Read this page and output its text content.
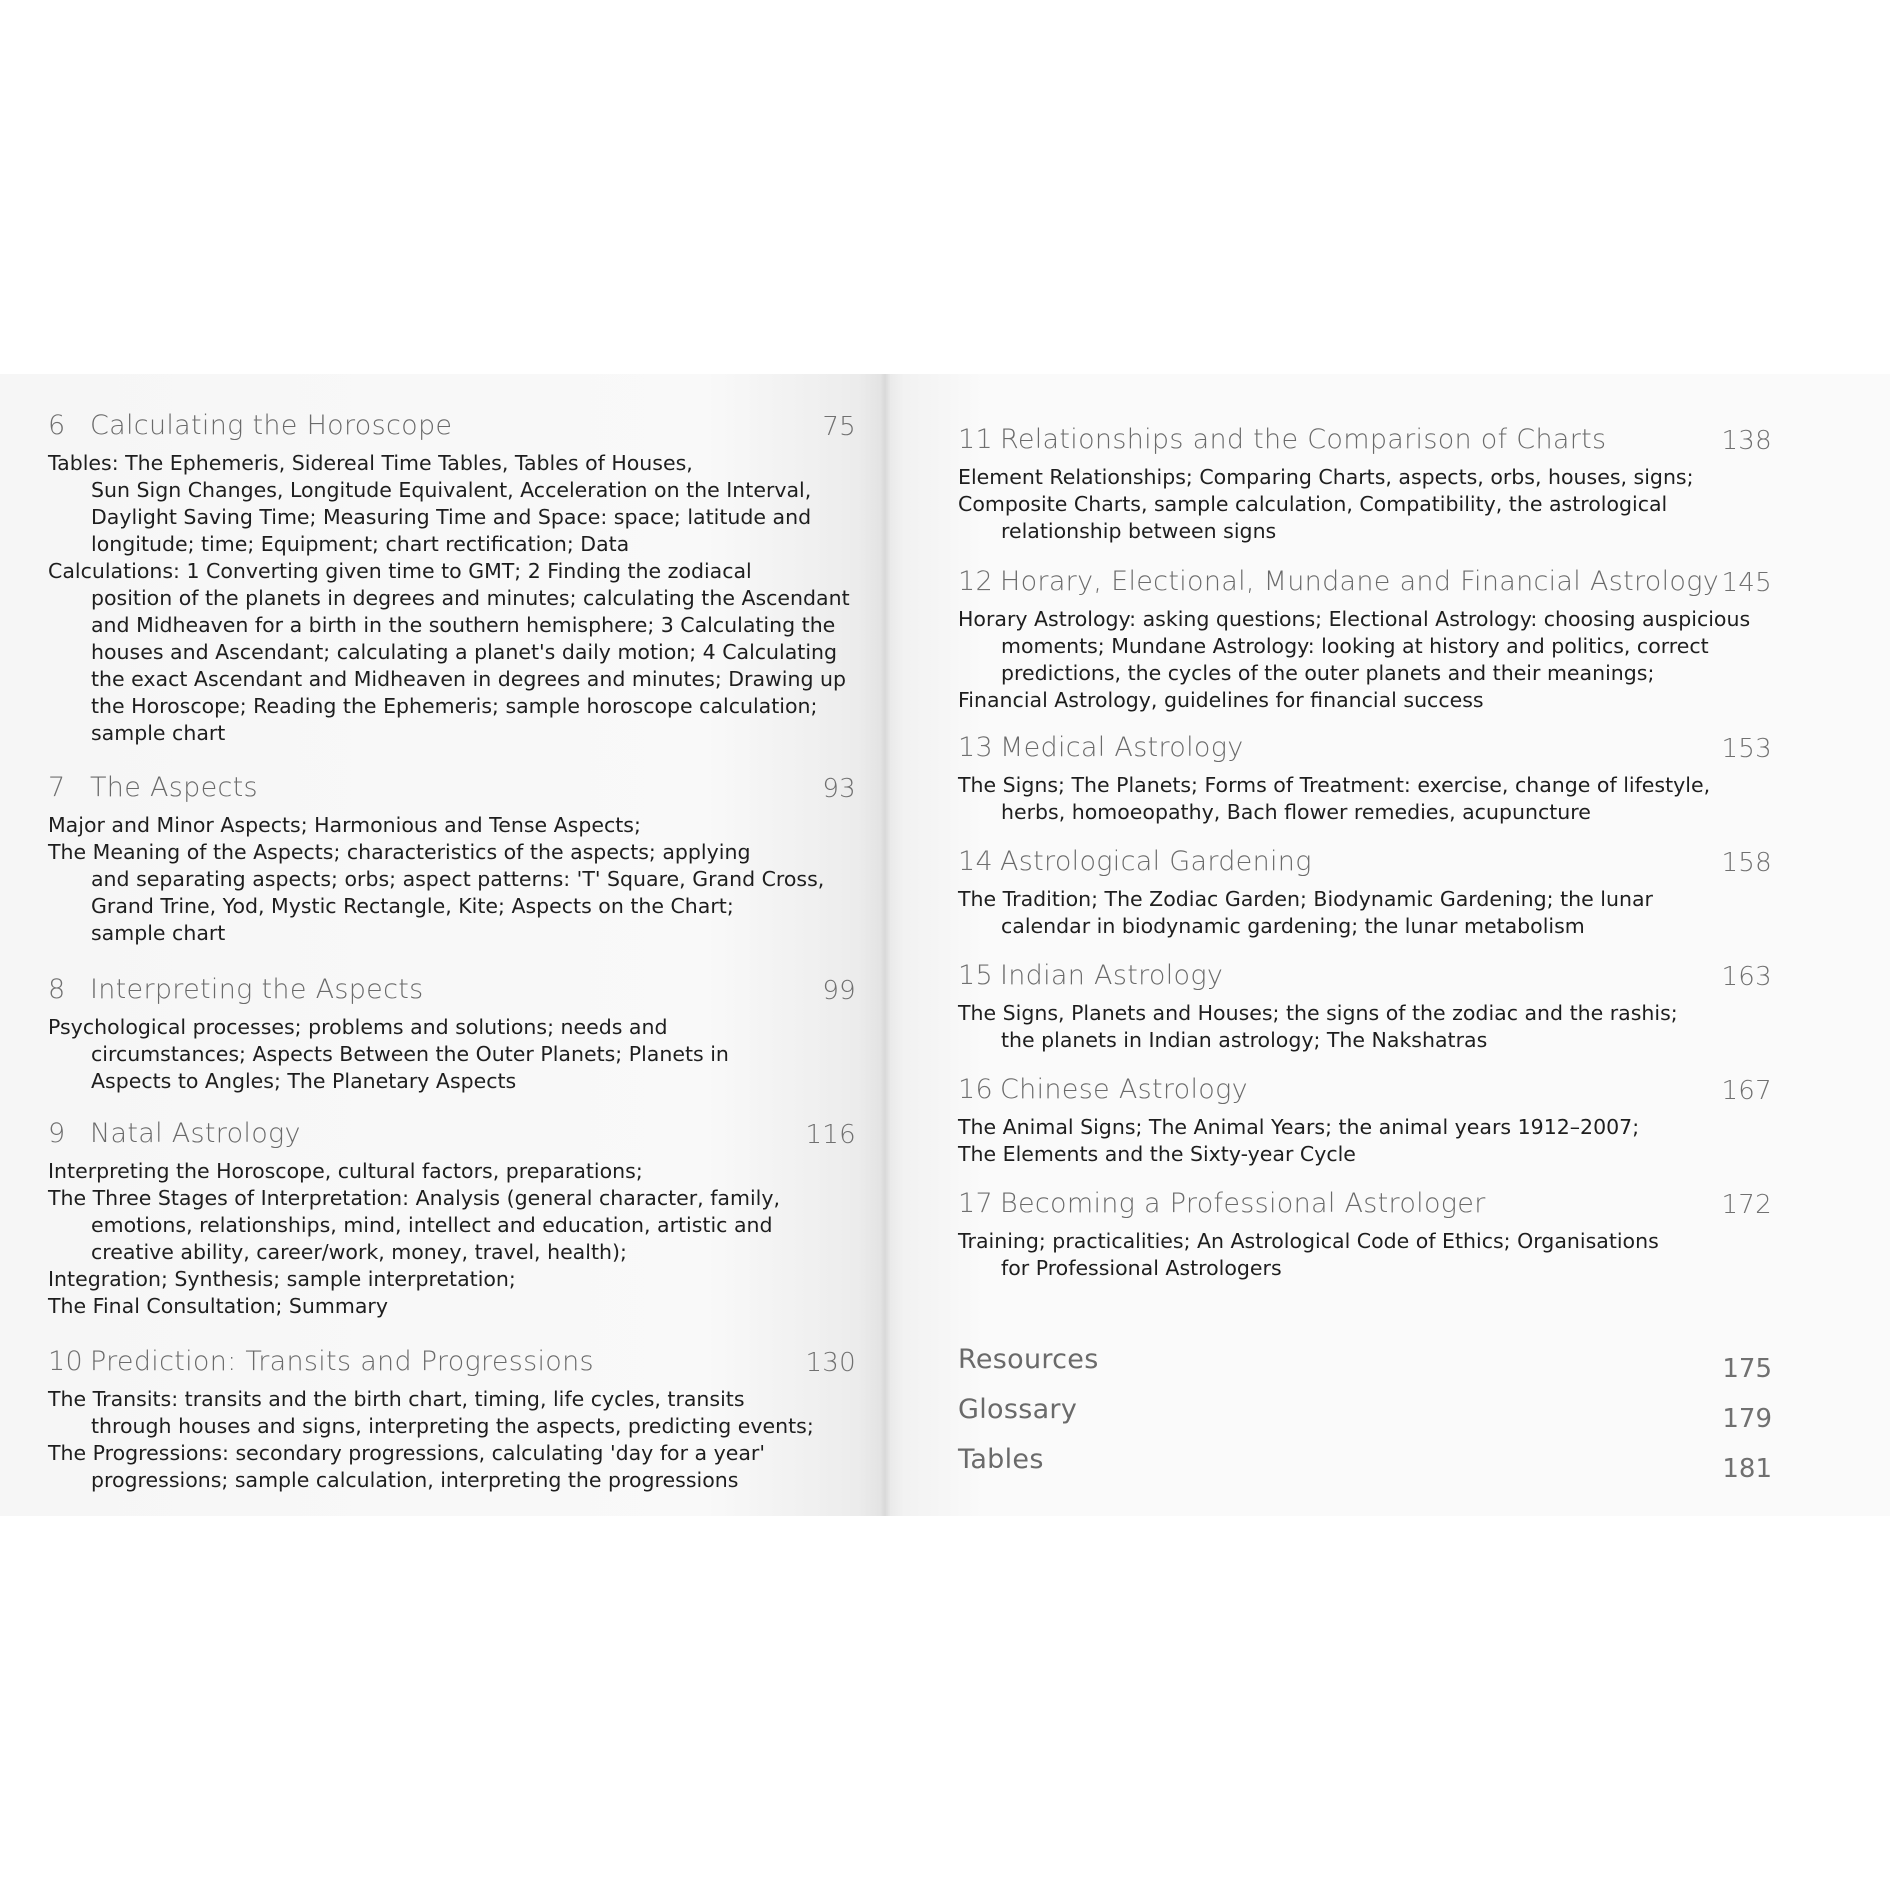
6 Calculating the Horoscope	75
Tables: The Ephemeris, Sidereal Time Tables, Tables of Houses,
Sun Sign Changes, Longitude Equivalent, Acceleration on the Interval,
Daylight Saving Time; Measuring Time and Space: space; latitude and
longitude; time; Equipment; chart rectification; Data
Calculations: 1 Converting given time to GMT; 2 Finding the zodiacal
position of the planets in degrees and minutes; calculating the Ascendant
and Midheaven for a birth in the southern hemisphere; 3 Calculating the
houses and Ascendant; calculating a planet's daily motion; 4 Calculating
the exact Ascendant and Midheaven in degrees and minutes; Drawing up
the Horoscope; Reading the Ephemeris; sample horoscope calculation;
sample chart
7 The Aspects	93
Major and Minor Aspects; Harmonious and Tense Aspects;
The Meaning of the Aspects; characteristics of the aspects; applying
and separating aspects; orbs; aspect patterns: 'T' Square, Grand Cross,
Grand Trine, Yod, Mystic Rectangle, Kite; Aspects on the Chart;
sample chart
8 Interpreting the Aspects	99
Psychological processes; problems and solutions; needs and
circumstances; Aspects Between the Outer Planets; Planets in
Aspects to Angles; The Planetary Aspects
9 Natal Astrology	116
Interpreting the Horoscope, cultural factors, preparations;
The Three Stages of Interpretation: Analysis (general character, family,
emotions, relationships, mind, intellect and education, artistic and
creative ability, career/work, money, travel, health);
Integration; Synthesis; sample interpretation;
The Final Consultation; Summary
10 Prediction: Transits and Progressions	130
The Transits: transits and the birth chart, timing, life cycles, transits
through houses and signs, interpreting the aspects, predicting events;
The Progressions: secondary progressions, calculating 'day for a year'
progressions; sample calculation, interpreting the progressions
11 Relationships and the Comparison of Charts	138
Element Relationships; Comparing Charts, aspects, orbs, houses, signs;
Composite Charts, sample calculation, Compatibility, the astrological
relationship between signs
12 Horary, Electional, Mundane and Financial Astrology 145
Horary Astrology: asking questions; Electional Astrology: choosing auspicious
moments; Mundane Astrology: looking at history and politics, correct
predictions, the cycles of the outer planets and their meanings;
Financial Astrology, guidelines for financial success
13 Medical Astrology	153
The Signs; The Planets; Forms of Treatment: exercise, change of lifestyle,
herbs, homoeopathy, Bach flower remedies, acupuncture
14 Astrological Gardening	158
The Tradition; The Zodiac Garden; Biodynamic Gardening; the lunar
calendar in biodynamic gardening; the lunar metabolism
15 Indian Astrology	163
The Signs, Planets and Houses; the signs of the zodiac and the rashis;
the planets in Indian astrology; The Nakshatras
16 Chinese Astrology	167
The Animal Signs; The Animal Years; the animal years 1912–2007;
The Elements and the Sixty-year Cycle
17 Becoming a Professional Astrologer	172
Training; practicalities; An Astrological Code of Ethics; Organisations
for Professional Astrologers
Resources	175
Glossary	179
Tables	181
